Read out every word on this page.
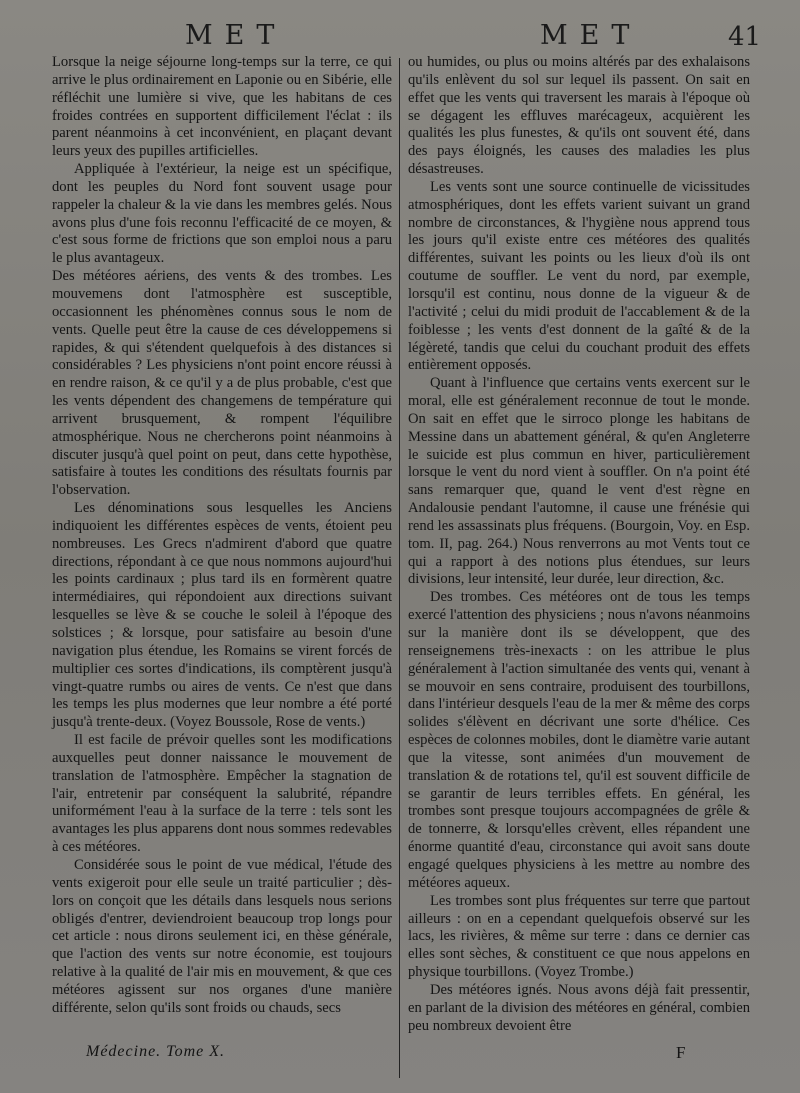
MET	MET	41

Lorsque la neige séjourne long-temps sur la terre, ce qui arrive le plus ordinairement en Laponie ou en Sibérie, elle réfléchit une lumière si vive, que les habitans de ces froides contrées en supportent difficilement l'éclat : ils parent néanmoins à cet inconvénient, en plaçant devant leurs yeux des pupilles artificielles.

Appliquée à l'extérieur, la neige est un spécifique, dont les peuples du Nord font souvent usage pour rappeler la chaleur & la vie dans les membres gelés. Nous avons plus d'une fois reconnu l'efficacité de ce moyen, & c'est sous forme de frictions que son emploi nous a paru le plus avantageux.

Des météores aériens, des vents & des trombes. Les mouvemens dont l'atmosphère est susceptible, occasionnent les phénomènes connus sous le nom de vents. Quelle peut être la cause de ces développemens si rapides, & qui s'étendent quelquefois à des distances si considérables ? Les physiciens n'ont point encore réussi à en rendre raison, & ce qu'il y a de plus probable, c'est que les vents dépendent des changemens de température qui arrivent brusquement, & rompent l'équilibre atmosphérique. Nous ne chercherons point néanmoins à discuter jusqu'à quel point on peut, dans cette hypothèse, satisfaire à toutes les conditions des résultats fournis par l'observation.

Les dénominations sous lesquelles les Anciens indiquoient les différentes espèces de vents, étoient peu nombreuses. Les Grecs n'admirent d'abord que quatre directions, répondant à ce que nous nommons aujourd'hui les points cardinaux ; plus tard ils en formèrent quatre intermédiaires, qui répondoient aux directions suivant lesquelles se lève & se couche le soleil à l'époque des solstices ; & lorsque, pour satisfaire au besoin d'une navigation plus étendue, les Romains se virent forcés de multiplier ces sortes d'indications, ils comptèrent jusqu'à vingt-quatre rumbs ou aires de vents. Ce n'est que dans les temps les plus modernes que leur nombre a été porté jusqu'à trente-deux. (Voyez Boussole, Rose de vents.)

Il est facile de prévoir quelles sont les modifications auxquelles peut donner naissance le mouvement de translation de l'atmosphère. Empêcher la stagnation de l'air, entretenir par conséquent la salubrité, répandre uniformément l'eau à la surface de la terre : tels sont les avantages les plus apparens dont nous sommes redevables à ces météores.

Considérée sous le point de vue médical, l'étude des vents exigeroit pour elle seule un traité particulier ; dès-lors on conçoit que les détails dans lesquels nous serions obligés d'entrer, deviendroient beaucoup trop longs pour cet article : nous dirons seulement ici, en thèse générale, que l'action des vents sur notre économie, est toujours relative à la qualité de l'air mis en mouvement, & que ces météores agissent sur nos organes d'une manière différente, selon qu'ils sont froids ou chauds, secs

ou humides, ou plus ou moins altérés par des exhalaisons qu'ils enlèvent du sol sur lequel ils passent. On sait en effet que les vents qui traversent les marais à l'époque où se dégagent les effluves marécageux, acquièrent les qualités les plus funestes, & qu'ils ont souvent été, dans des pays éloignés, les causes des maladies les plus désastreuses.

Les vents sont une source continuelle de vicissitudes atmosphériques, dont les effets varient suivant un grand nombre de circonstances, & l'hygiène nous apprend tous les jours qu'il existe entre ces météores des qualités différentes, suivant les points ou les lieux d'où ils ont coutume de souffler. Le vent du nord, par exemple, lorsqu'il est continu, nous donne de la vigueur & de l'activité ; celui du midi produit de l'accablement & de la foiblesse ; les vents d'est donnent de la gaîté & de la légèreté, tandis que celui du couchant produit des effets entièrement opposés.

Quant à l'influence que certains vents exercent sur le moral, elle est généralement reconnue de tout le monde. On sait en effet que le sirroco plonge les habitans de Messine dans un abattement général, & qu'en Angleterre le suicide est plus commun en hiver, particulièrement lorsque le vent du nord vient à souffler. On n'a point été sans remarquer que, quand le vent d'est règne en Andalousie pendant l'automne, il cause une frénésie qui rend les assassinats plus fréquens. (Bourgoin, Voy. en Esp. tom. II, pag. 264.) Nous renverrons au mot Vents tout ce qui a rapport à des notions plus étendues, sur leurs divisions, leur intensité, leur durée, leur direction, &c.

Des trombes. Ces météores ont de tous les temps exercé l'attention des physiciens ; nous n'avons néanmoins sur la manière dont ils se développent, que des renseignemens très-inexacts : on les attribue le plus généralement à l'action simultanée des vents qui, venant à se mouvoir en sens contraire, produisent des tourbillons, dans l'intérieur desquels l'eau de la mer & même des corps solides s'élèvent en décrivant une sorte d'hélice. Ces espèces de colonnes mobiles, dont le diamètre varie autant que la vitesse, sont animées d'un mouvement de translation & de rotations tel, qu'il est souvent difficile de se garantir de leurs terribles effets. En général, les trombes sont presque toujours accompagnées de grêle & de tonnerre, & lorsqu'elles crèvent, elles répandent une énorme quantité d'eau, circonstance qui avoit sans doute engagé quelques physiciens à les mettre au nombre des météores aqueux.

Les trombes sont plus fréquentes sur terre que partout ailleurs : on en a cependant quelquefois observé sur les lacs, les rivières, & même sur terre : dans ce dernier cas elles sont sèches, & constituent ce que nous appelons en physique tourbillons. (Voyez Trombe.)

Des météores ignés. Nous avons déjà fait pressentir, en parlant de la division des météores en général, combien peu nombreux devoient être

Médecine. Tome X.	F
